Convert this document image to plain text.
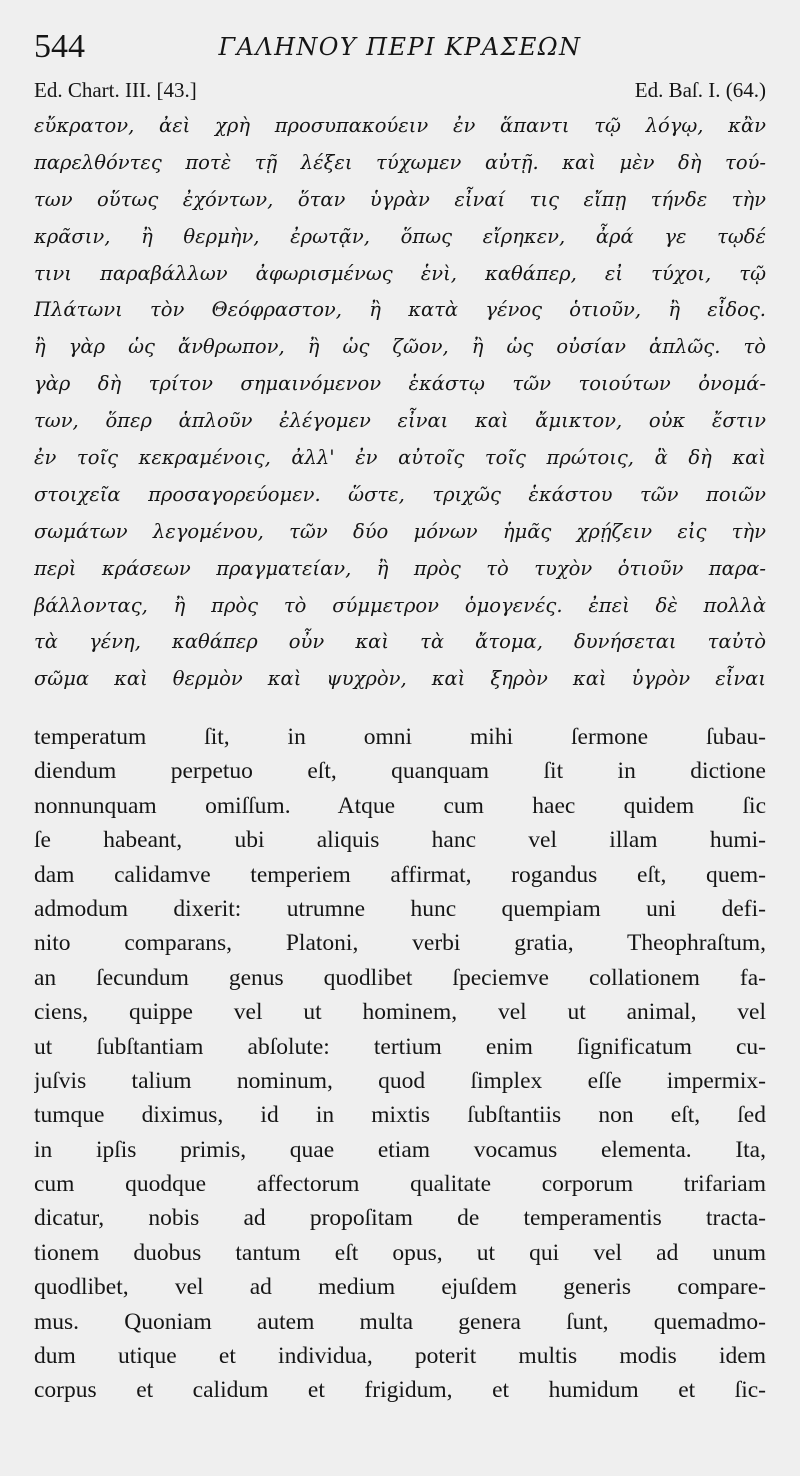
544	ΓΑΛΗΝΟΥ ΠΕΡΙ ΚΡΑΣΕΩΝ
Ed. Chart. III. [43.]	Ed. Baſ. I. (64.)
εὔκρατον, ἀεὶ χρὴ προσυπακούειν ἐν ἅπαντι τῷ λόγῳ, κἂν
παρελθόντες ποτὲ τῇ λέξει τύχωμεν αὐτῇ. καὶ μὲν δὴ τού-
των οὕτως ἐχόντων, ὅταν ὑγρὰν εἶναί τις εἴπῃ τήνδε τὴν
κρᾶσιν, ἢ θερμὴν, ἐρωτᾷν, ὅπως εἴρηκεν, ἆρά γε τῳδέ
τινι παραβάλλων ἀφωρισμένως ἑνὶ, καθάπερ, εἰ τύχοι, τῷ
Πλάτωνι τὸν Θεόφραστον, ἢ κατὰ γένος ὁτιοῦν, ἢ εἶδος.
ἢ γὰρ ὡς ἄνθρωπον, ἢ ὡς ζῶον, ἢ ὡς οὐσίαν ἁπλῶς. τὸ
γὰρ δὴ τρίτον σημαινόμενον ἑκάστῳ τῶν τοιούτων ὀνομά-
των, ὅπερ ἁπλοῦν ἐλέγομεν εἶναι καὶ ἄμικτον, οὐκ ἔστιν
ἐν τοῖς κεκραμένοις, ἀλλ' ἐν αὐτοῖς τοῖς πρώτοις, ἃ δὴ καὶ
στοιχεῖα προσαγορεύομεν. ὥστε, τριχῶς ἑκάστου τῶν ποιῶν
σωμάτων λεγομένου, τῶν δύο μόνων ἡμᾶς χρῄζειν εἰς τὴν
περὶ κράσεων πραγματείαν, ἢ πρὸς τὸ τυχὸν ὁτιοῦν παρα-
βάλλοντας, ἢ πρὸς τὸ σύμμετρον ὁμογενές. ἐπεὶ δὲ πολλὰ
τὰ γένη, καθάπερ οὖν καὶ τὰ ἄτομα, δυνήσεται ταὐτὸ
σῶμα καὶ θερμὸν καὶ ψυχρὸν, καὶ ξηρὸν καὶ ὑγρὸν εἶναι
temperatum ſit, in omni mihi ſermone ſubau-
diendum perpetuo eſt, quanquam ſit in dictione
nonnunquam omiſſum. Atque cum haec quidem ſic
ſe habeant, ubi aliquis hanc vel illam humi-
dam calidamve temperiem affirmat, rogandus eſt, quem-
admodum dixerit: utrumne hunc quempiam uni defi-
nito comparans, Platoni, verbi gratia, Theophraſtum,
an ſecundum genus quodlibet ſpeciemve collationem fa-
ciens, quippe vel ut hominem, vel ut animal, vel
ut ſubſtantiam abſolute: tertium enim ſignificatum cu-
juſvis talium nominum, quod ſimplex eſſe impermix-
tumque diximus, id in mixtis ſubſtantiis non eſt, ſed
in ipſis primis, quae etiam vocamus elementa. Ita,
cum quodque affectorum qualitate corporum trifariam
dicatur, nobis ad propoſitam de temperamentis tracta-
tionem duobus tantum eſt opus, ut qui vel ad unum
quodlibet, vel ad medium ejuſdem generis compare-
mus. Quoniam autem multa genera ſunt, quemadmo-
dum utique et individua, poterit multis modis idem
corpus et calidum et frigidum, et humidum et ſic-
